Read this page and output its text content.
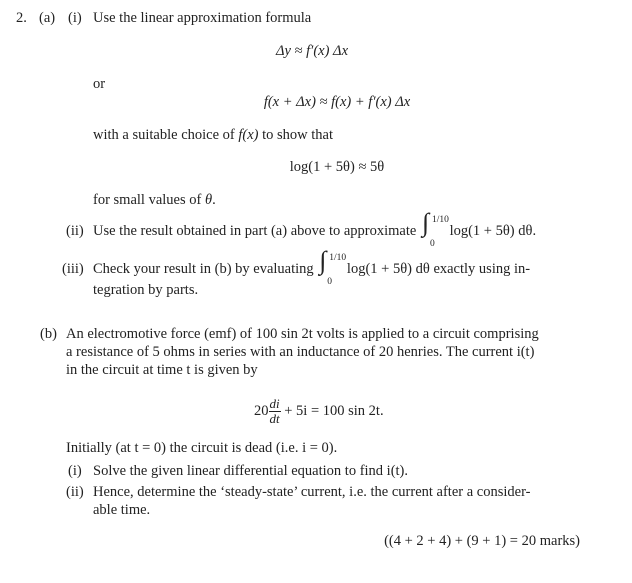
2. (a) (i) Use the linear approximation formula
Δy ≈ f′(x) Δx
or
f(x + Δx) ≈ f(x) + f′(x) Δx
with a suitable choice of f(x) to show that
log(1 + 5θ) ≈ 5θ
for small values of θ.
(ii) Use the result obtained in part (a) above to approximate ∫ 1/10
0
log(1 + 5θ) dθ.
(iii) Check your result in (b) by evaluating ∫ 1/10
0
log(1 + 5θ) dθ exactly using in-
tegration by parts.
(b) An electromotive force (emf) of 100 sin 2t volts is applied to a circuit comprising
a resistance of 5 ohms in series with an inductance of 20 henries. The current i(t)
in the circuit at time t is given by
$20 \frac{di}{dt} + 5i = 100$ sin 2t.
Initially (at t = 0) the circuit is dead (i.e. i = 0).
(i) Solve the given linear differential equation to find i(t).
(ii) Hence, determine the ‘steady-state’ current, i.e. the current after a consider-
able time.
((4 + 2 + 4) + (9 + 1) = 20 marks)
